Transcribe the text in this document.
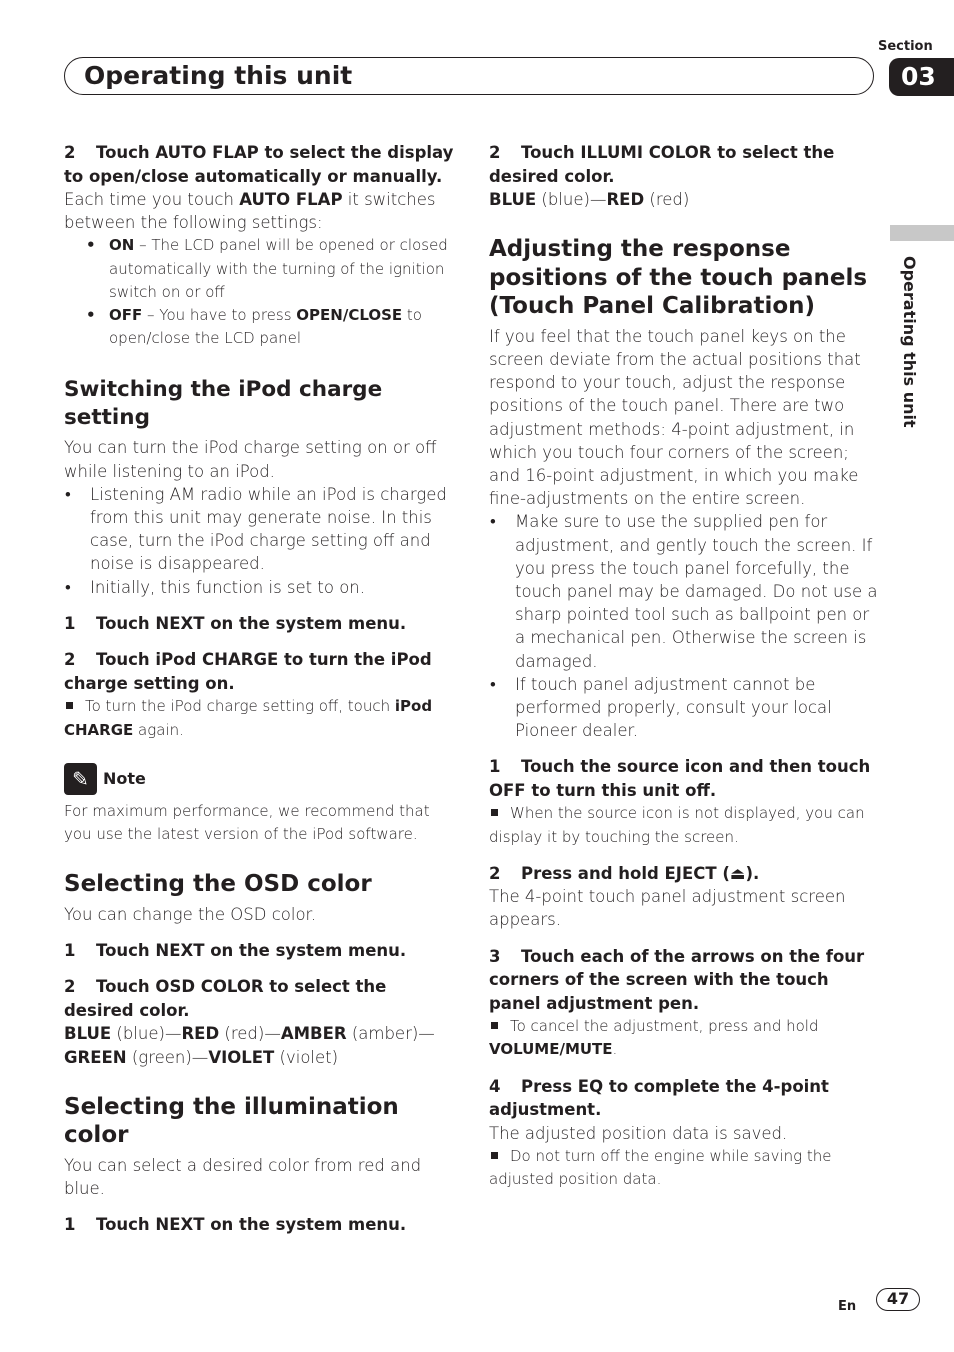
Section
03
Operating this unit
Operating this unit

2 Touch AUTO FLAP to select the display to open/close automatically or manually.

Each time you touch AUTO FLAP it switches between the following settings:

• ON – The LCD panel will be opened or closed automatically with the turning of the ignition switch on or off
• OFF – You have to press OPEN/CLOSE to open/close the LCD panel

Switching the iPod charge setting

You can turn the iPod charge setting on or off while listening to an iPod.

• Listening AM radio while an iPod is charged from this unit may generate noise. In this case, turn the iPod charge setting off and noise is disappeared.
• Initially, this function is set to on.

1 Touch NEXT on the system menu.

2 Touch iPod CHARGE to turn the iPod charge setting on.

To turn the iPod charge setting off, touch iPod CHARGE again.

✎ Note

For maximum performance, we recommend that you use the latest version of the iPod software.

Selecting the OSD color

You can change the OSD color.

1 Touch NEXT on the system menu.

2 Touch OSD COLOR to select the desired color.

BLUE (blue)—RED (red)—AMBER (amber)—
GREEN (green)—VIOLET (violet)

Selecting the illumination color

You can select a desired color from red and blue.

1 Touch NEXT on the system menu.

2 Touch ILLUMI COLOR to select the desired color.

BLUE (blue)—RED (red)

Adjusting the response positions of the touch panels (Touch Panel Calibration)

If you feel that the touch panel keys on the screen deviate from the actual positions that respond to your touch, adjust the response positions of the touch panel. There are two adjustment methods: 4-point adjustment, in which you touch four corners of the screen; and 16-point adjustment, in which you make fine-adjustments on the entire screen.

• Make sure to use the supplied pen for adjustment, and gently touch the screen. If you press the touch panel forcefully, the touch panel may be damaged. Do not use a sharp pointed tool such as ballpoint pen or a mechanical pen. Otherwise the screen is damaged.
• If touch panel adjustment cannot be performed properly, consult your local Pioneer dealer.

1 Touch the source icon and then touch OFF to turn this unit off.

When the source icon is not displayed, you can display it by touching the screen.

2 Press and hold EJECT (⏏).

The 4-point touch panel adjustment screen appears.

3 Touch each of the arrows on the four corners of the screen with the touch panel adjustment pen.

To cancel the adjustment, press and hold VOLUME/MUTE.

4 Press EQ to complete the 4-point adjustment.

The adjusted position data is saved.

Do not turn off the engine while saving the adjusted position data.

En	47
